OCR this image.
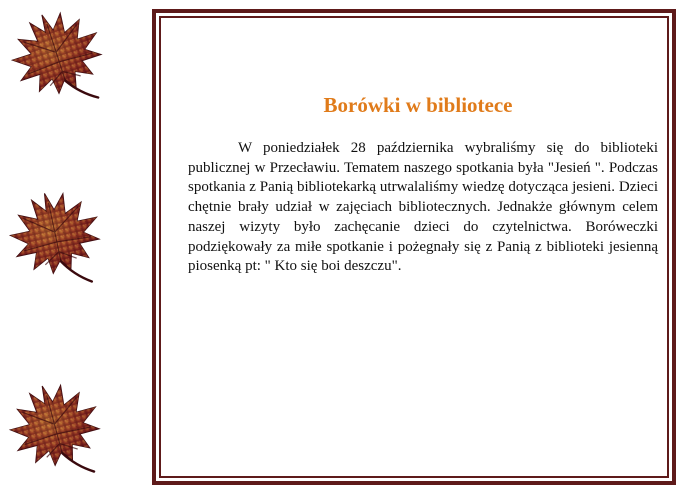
Borówki w bibliotece

W poniedziałek 28 października wybraliśmy się do biblioteki publicznej w Przecławiu. Tematem naszego spotkania była "Jesień ". Podczas spotkania z Panią bibliotekarką utrwalaliśmy wiedzę dotycząca jesieni. Dzieci chętnie brały udział w zajęciach bibliotecznych. Jednakże głównym celem naszej wizyty było zachęcanie dzieci do czytelnictwa. Boróweczki podziękowały za miłe spotkanie i pożegnały się z Panią z biblioteki jesienną piosenką pt: " Kto się boi deszczu".
